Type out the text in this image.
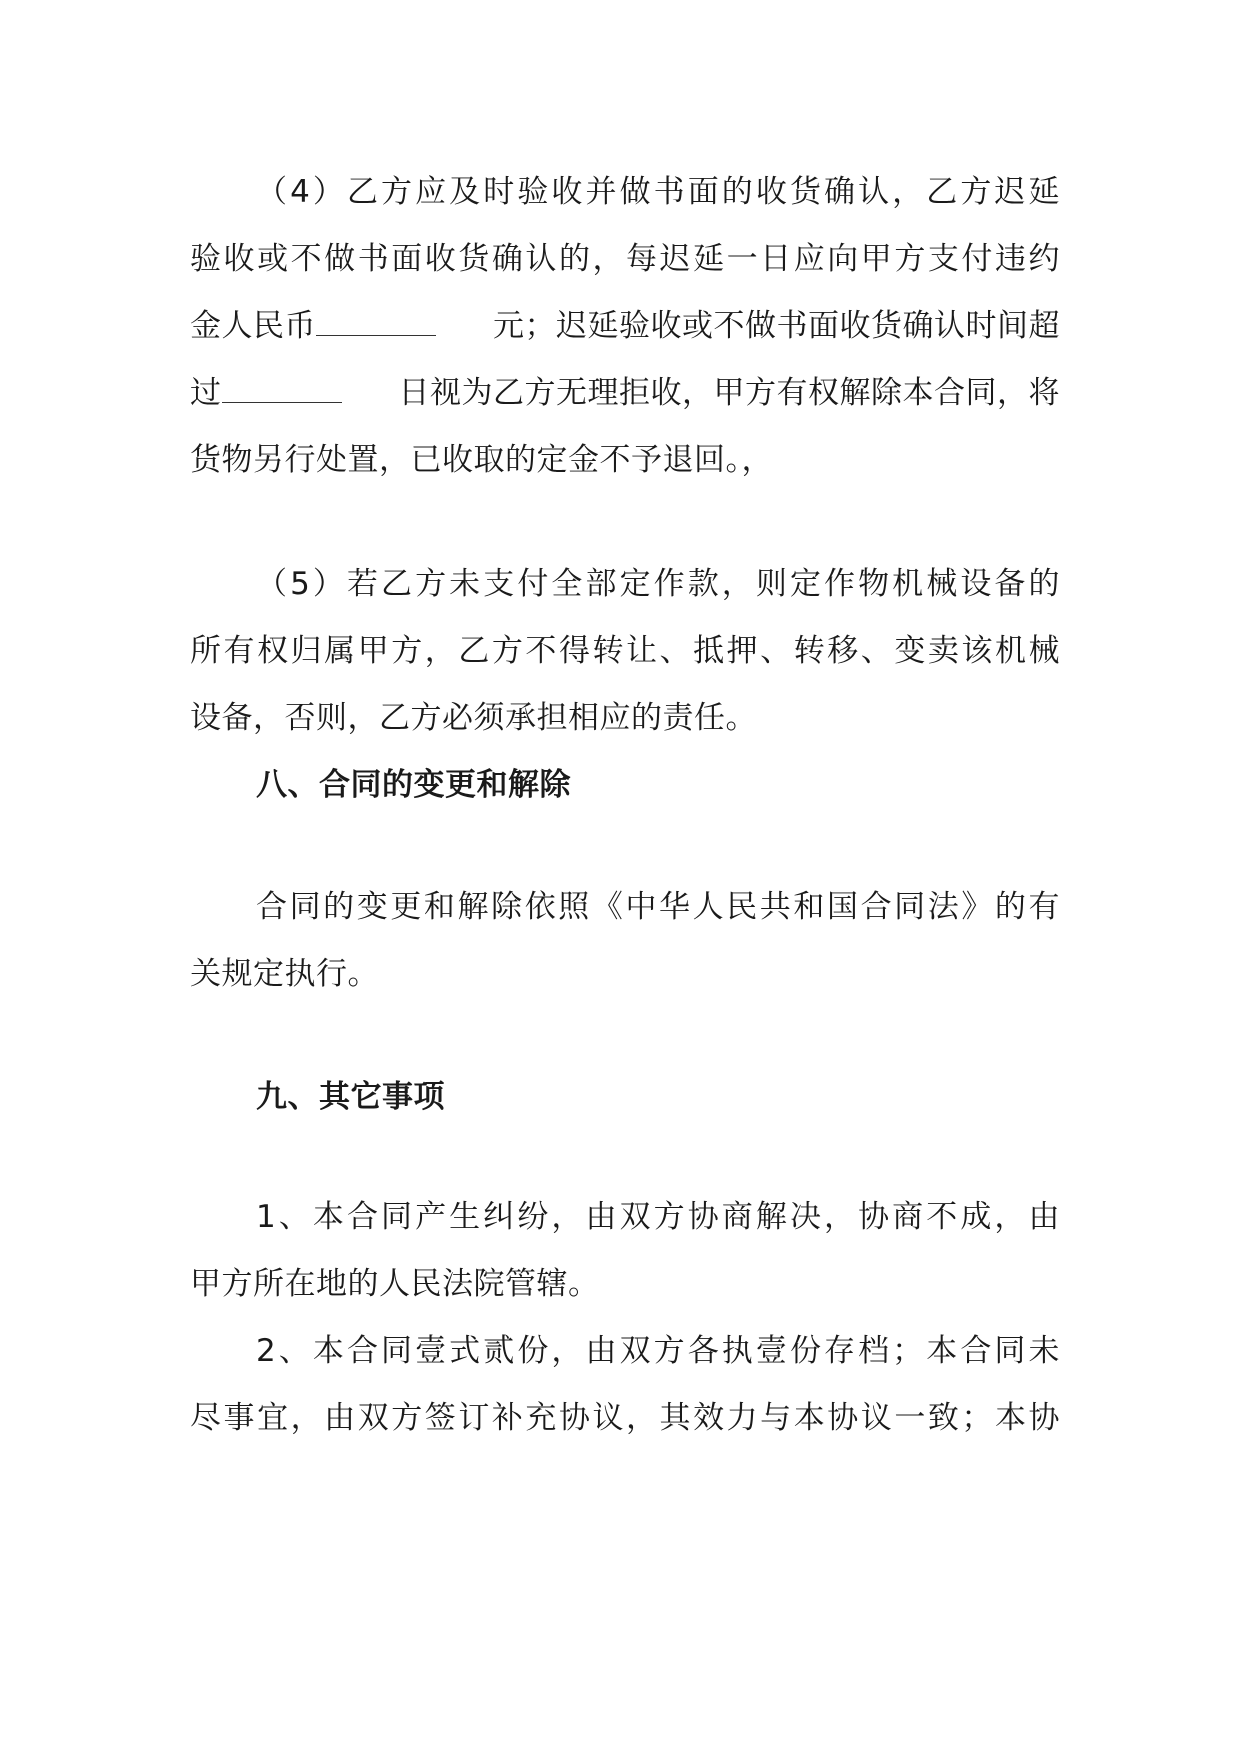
（4）乙方应及时验收并做书面的收货确认，乙方迟延
验收或不做书面收货确认的，每迟延一日应向甲方支付违约
金人民币	元；迟延验收或不做书面收货确认时间超
过	日视为乙方无理拒收，甲方有权解除本合同，将
货物另行处置，已收取的定金不予退回。，
（5）若乙方未支付全部定作款，则定作物机械设备的
所有权归属甲方，乙方不得转让、抵押、转移、变卖该机械
设备，否则，乙方必须承担相应的责任。
八、合同的变更和解除
合同的变更和解除依照《中华人民共和国合同法》的有
关规定执行。
九、其它事项
1、本合同产生纠纷，由双方协商解决，协商不成，由
甲方所在地的人民法院管辖。
2、本合同壹式贰份，由双方各执壹份存档；本合同未
尽事宜，由双方签订补充协议，其效力与本协议一致；本协
